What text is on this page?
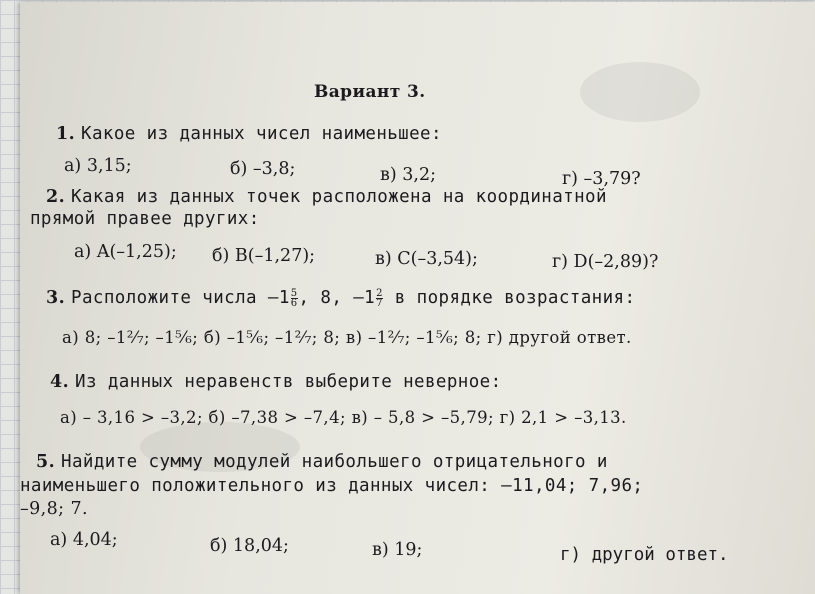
Вариант 3.
1. Какое из данных чисел наименьшее:
а) 3,15;	б) –3,8;	в) 3,2;	г) –3,79?
2. Какая из данных точек расположена на координатной
прямой правее других:
а) A(–1,25); б) B(–1,27);	в) C(–3,54);	г) D(–2,89)?
3. Расположите числа $-1 \frac{5}{6}$ , 8, $-1 \frac{2}{7}$ в порядке возрастания:
а) 8; –1²⁄₇; –1⁵⁄₆; б) –1⁵⁄₆; –1²⁄₇; 8; в) –1²⁄₇; –1⁵⁄₆; 8; г) другой ответ.
4. Из данных неравенств выберите неверное:
а) – 3,16 > –3,2; б) –7,38 > –7,4; в) – 5,8 > –5,79; г) 2,1 > –3,13.
5. Найдите сумму модулей наибольшего отрицательного и
наименьшего положительного из данных чисел: –11,04; 7,96;
–9,8; 7.
а) 4,04;	б) 18,04;	в) 19;	г) другой ответ.
